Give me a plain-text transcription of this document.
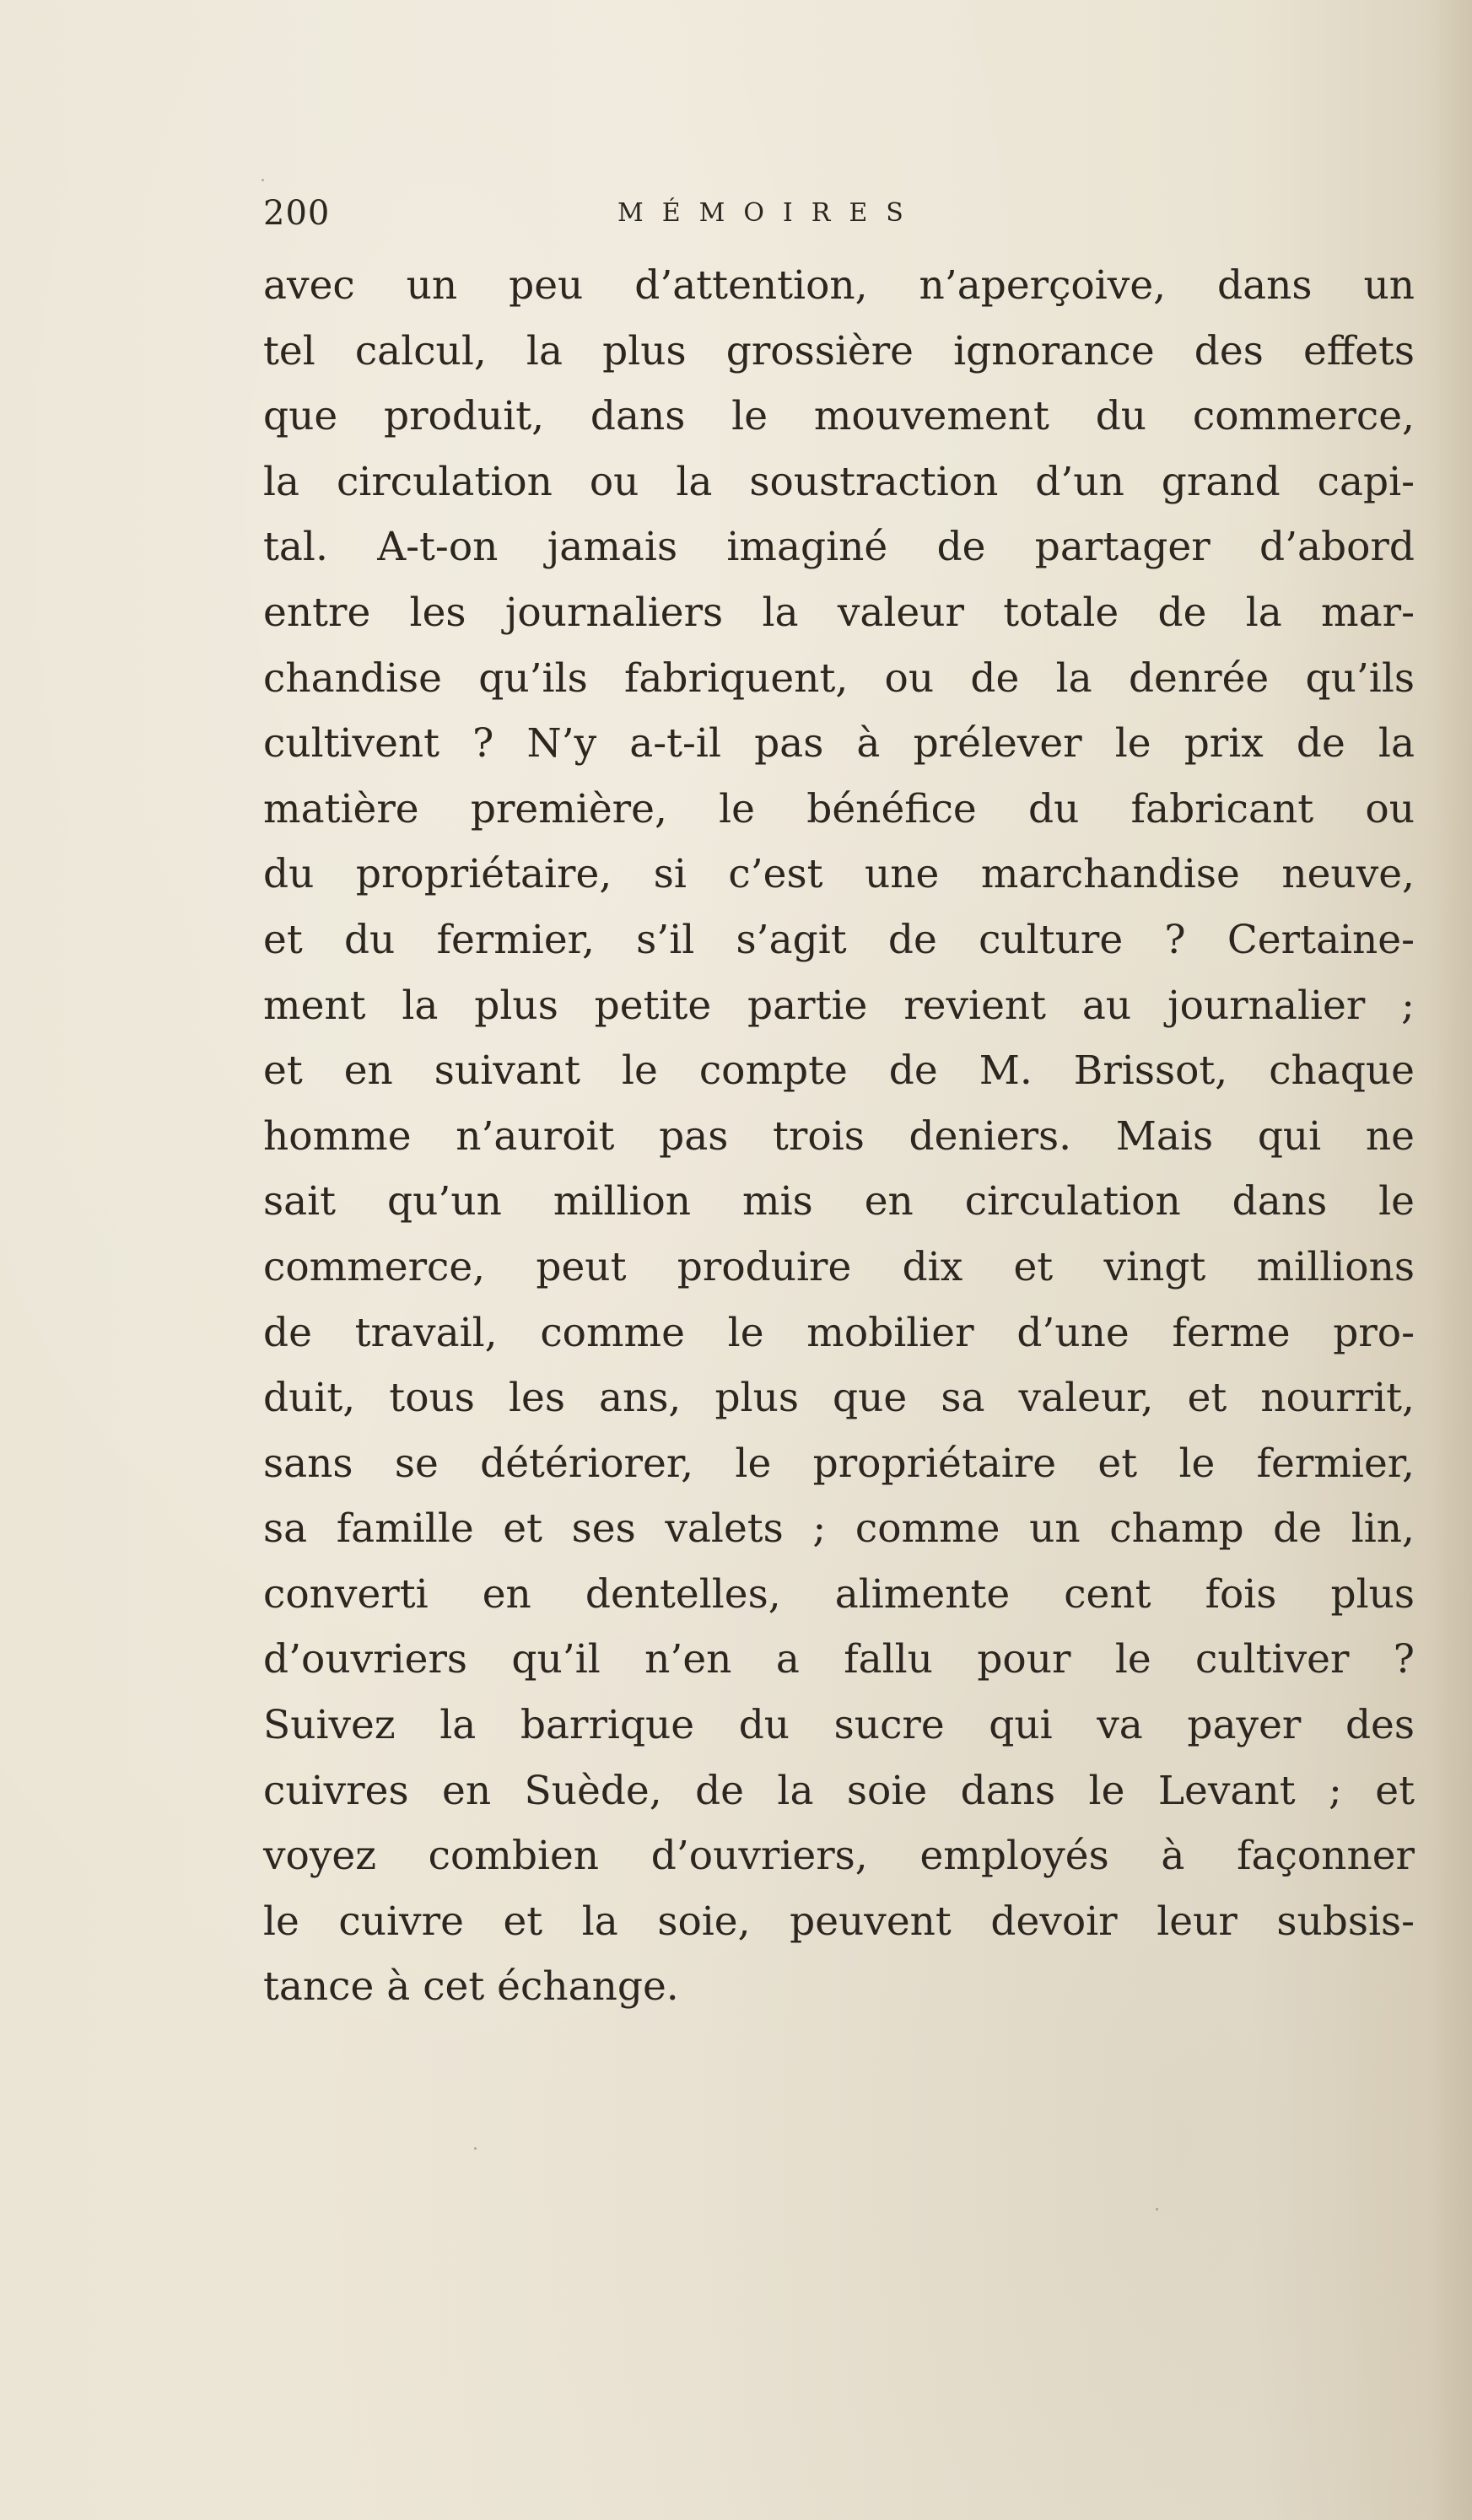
200	MÉMOIRES
avec un peu d’attention, n’aperçoive, dans un
tel calcul, la plus grossière ignorance des effets
que produit, dans le mouvement du commerce,
la circulation ou la soustraction d’un grand capi-
tal. A-t-on jamais imaginé de partager d’abord
entre les journaliers la valeur totale de la mar-
chandise qu’ils fabriquent, ou de la denrée qu’ils
cultivent ? N’y a-t-il pas à prélever le prix de la
matière première, le bénéfice du fabricant ou
du propriétaire, si c’est une marchandise neuve,
et du fermier, s’il s’agit de culture ? Certaine-
ment la plus petite partie revient au journalier ;
et en suivant le compte de M. Brissot, chaque
homme n’auroit pas trois deniers. Mais qui ne
sait qu’un million mis en circulation dans le
commerce, peut produire dix et vingt millions
de travail, comme le mobilier d’une ferme pro-
duit, tous les ans, plus que sa valeur, et nourrit,
sans se détériorer, le propriétaire et le fermier,
sa famille et ses valets ; comme un champ de lin,
converti en dentelles, alimente cent fois plus
d’ouvriers qu’il n’en a fallu pour le cultiver ?
Suivez la barrique du sucre qui va payer des
cuivres en Suède, de la soie dans le Levant ; et
voyez combien d’ouvriers, employés à façonner
le cuivre et la soie, peuvent devoir leur subsis-
tance à cet échange.
